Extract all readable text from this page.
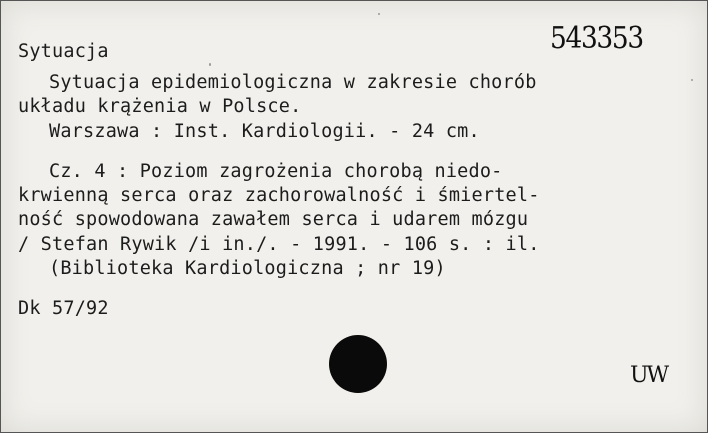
543353
Sytuacja
Sytuacja epidemiologiczna w zakresie chorób
układu krążenia w Polsce.
Warszawa : Inst. Kardiologii. - 24 cm.
Cz. 4 : Poziom zagrożenia chorobą niedo-
krwienną serca oraz zachorowalność i śmiertel-
ność spowodowana zawałem serca i udarem mózgu
/ Stefan Rywik /i in./. - 1991. - 106 s. : il.
(Biblioteka Kardiologiczna ; nr 19)
Dk 57/92
UW
